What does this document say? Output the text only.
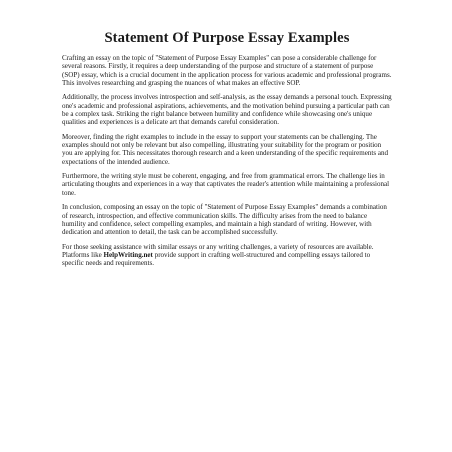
Statement Of Purpose Essay Examples

Crafting an essay on the topic of "Statement of Purpose Essay Examples" can pose a considerable challenge for several reasons. Firstly, it requires a deep understanding of the purpose and structure of a statement of purpose (SOP) essay, which is a crucial document in the application process for various academic and professional programs. This involves researching and grasping the nuances of what makes an effective SOP.

Additionally, the process involves introspection and self-analysis, as the essay demands a personal touch. Expressing one's academic and professional aspirations, achievements, and the motivation behind pursuing a particular path can be a complex task. Striking the right balance between humility and confidence while showcasing one's unique qualities and experiences is a delicate art that demands careful consideration.

Moreover, finding the right examples to include in the essay to support your statements can be challenging. The examples should not only be relevant but also compelling, illustrating your suitability for the program or position you are applying for. This necessitates thorough research and a keen understanding of the specific requirements and expectations of the intended audience.

Furthermore, the writing style must be coherent, engaging, and free from grammatical errors. The challenge lies in articulating thoughts and experiences in a way that captivates the reader's attention while maintaining a professional tone.

In conclusion, composing an essay on the topic of "Statement of Purpose Essay Examples" demands a combination of research, introspection, and effective communication skills. The difficulty arises from the need to balance humility and confidence, select compelling examples, and maintain a high standard of writing. However, with dedication and attention to detail, the task can be accomplished successfully.

For those seeking assistance with similar essays or any writing challenges, a variety of resources are available. Platforms like HelpWriting.net provide support in crafting well-structured and compelling essays tailored to specific needs and requirements.
